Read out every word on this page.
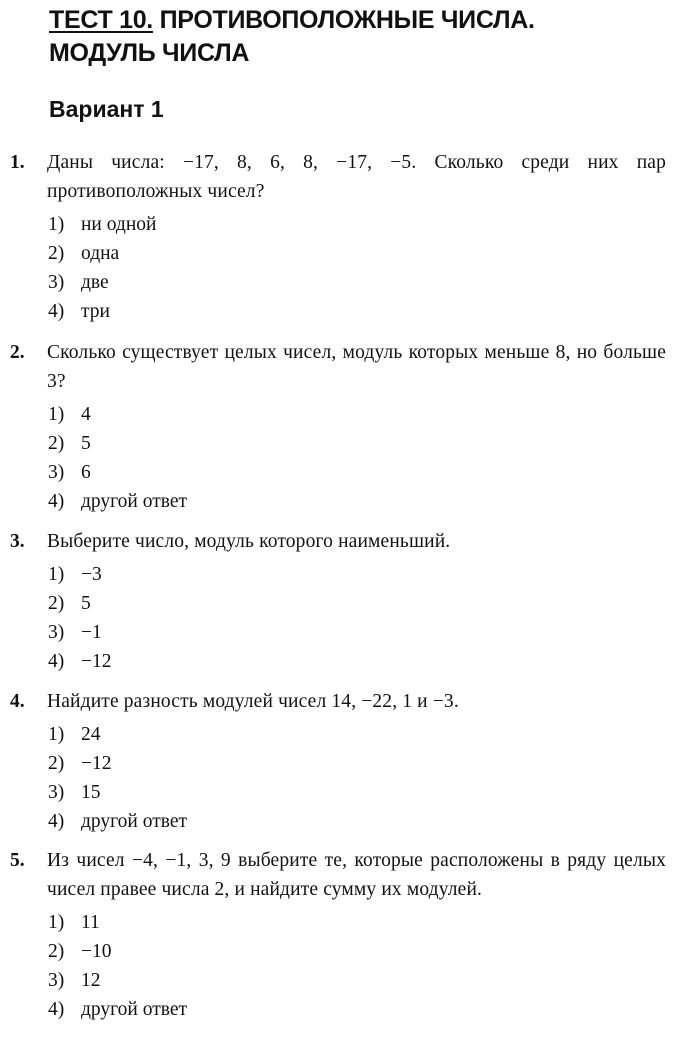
ТЕСТ 10. ПРОТИВОПОЛОЖНЫЕ ЧИСЛА.
МОДУЛЬ ЧИСЛА
Вариант 1
1. Даны числа: −17, 8, 6, 8, −17, −5. Сколько среди них пар противоположных чисел?
1) ни одной
2) одна
3) две
4) три
2. Сколько существует целых чисел, модуль которых меньше 8, но больше 3?
1) 4
2) 5
3) 6
4) другой ответ
3. Выберите число, модуль которого наименьший.
1) −3
2) 5
3) −1
4) −12
4. Найдите разность модулей чисел 14, −22, 1 и −3.
1) 24
2) −12
3) 15
4) другой ответ
5. Из чисел −4, −1, 3, 9 выберите те, которые расположены в ряду целых чисел правее числа 2, и найдите сумму их модулей.
1) 11
2) −10
3) 12
4) другой ответ
